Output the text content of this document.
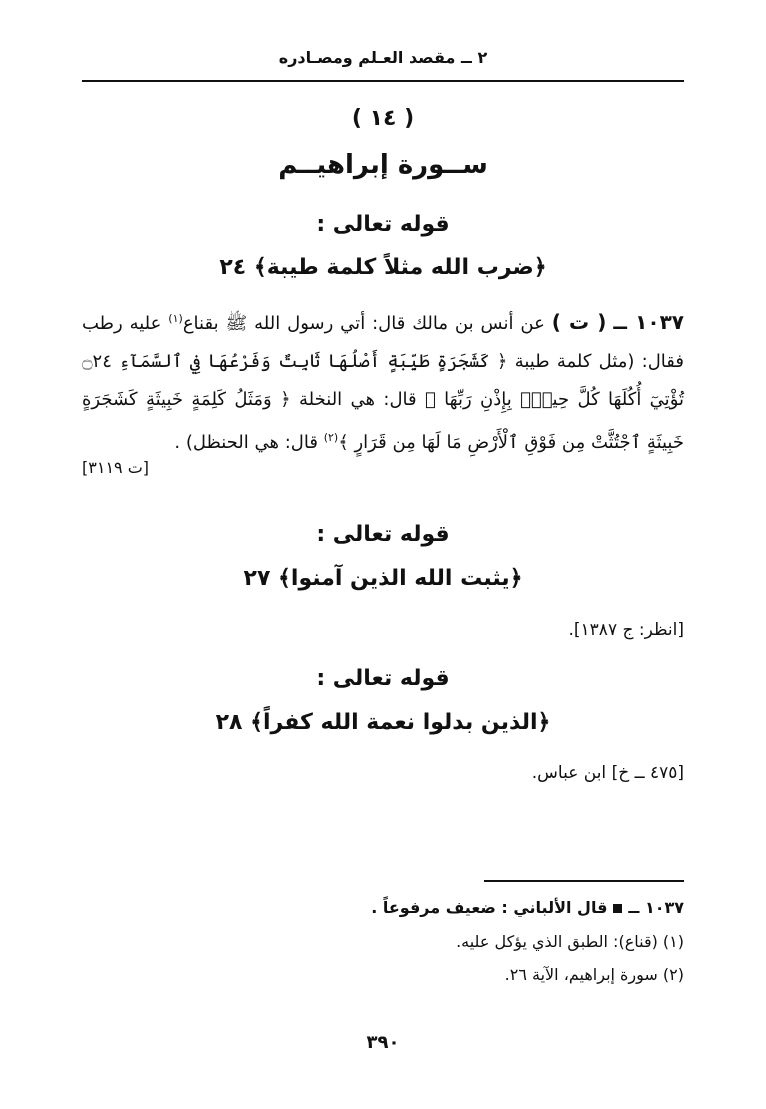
٢ ــ مقصد العـلم ومصـادره
( ١٤ )
ســورة إبراهيــم
قوله تعالى :
﴿ضرب الله مثلاً كلمة طيبة﴾ ٢٤
١٠٣٧ ــ ( ت ) عن أنس بن مالك قال: أتي رسول الله ﷺ بقناع$^{(١)}$ عليه رطب فقال: (مثل كلمة طيبة ﴿ كَشَجَرَةٍ طَيِّبَةٍ أَصْلُهَا ثَابِتٌ وَفَرْعُهَا فِي ٱلسَّمَآءِ ۝٢٤ تُؤْتِيٓ أُكُلَهَا كُلَّ حِينٍۭ بِإِذْنِ رَبِّهَا ﴾ قال: هي النخلة ﴿ وَمَثَلُ كَلِمَةٍ خَبِيثَةٍ كَشَجَرَةٍ خَبِيثَةٍ ٱجْتُثَّتْ مِن فَوْقِ ٱلْأَرْضِ مَا لَهَا مِن قَرَارٍ ﴾$^{(٢)}$ قال: هي الحنظل) .
[ت ٣١١٩]
قوله تعالى :
﴿يثبت الله الذين آمنوا﴾ ٢٧
[انظر: ج ١٣٨٧].
قوله تعالى :
﴿الذين بدلوا نعمة الله كفراً﴾ ٢٨
[٤٧٥ ــ خ] ابن عباس.
١٠٣٧ ــقال الألباني : ضعيف مرفوعاً .
(١) (قناع): الطبق الذي يؤكل عليه.
(٢) سورة إبراهيم، الآية ٢٦.
٣٩٠
